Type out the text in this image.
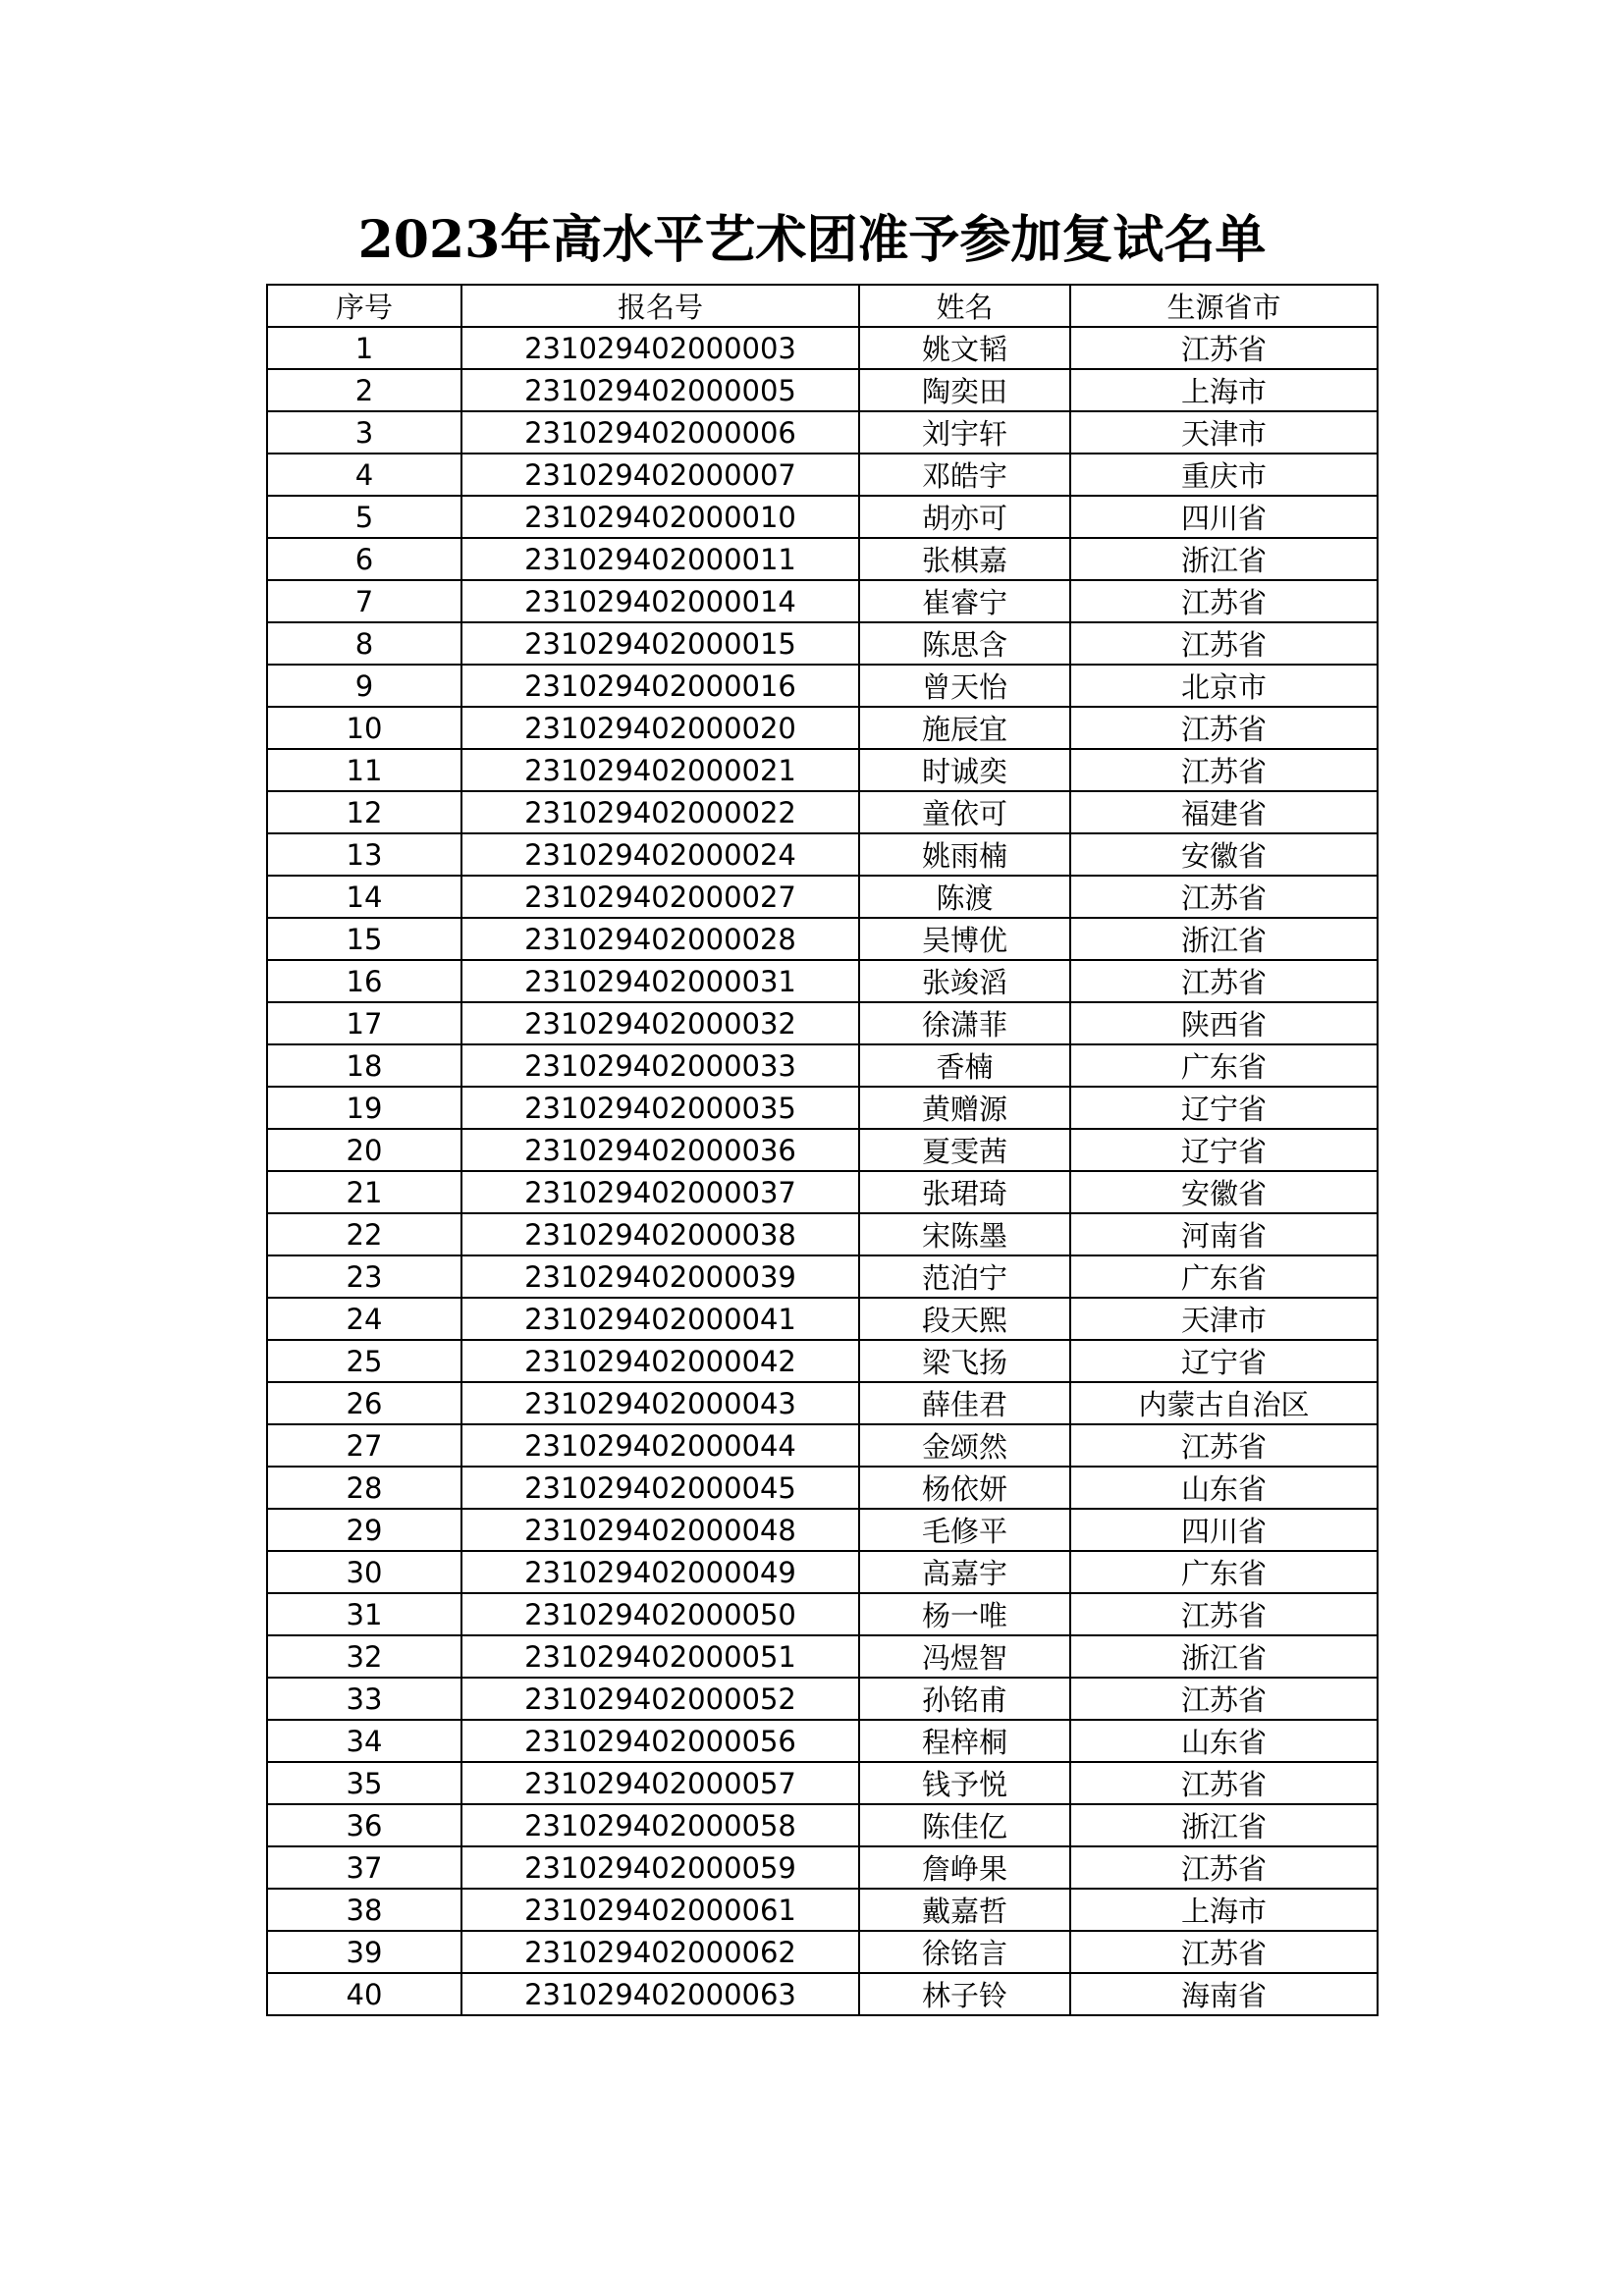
2023年高水平艺术团准予参加复试名单
序号	报名号	姓名	生源省市
1	231029402000003	姚文韬	江苏省
2	231029402000005	陶奕田	上海市
3	231029402000006	刘宇轩	天津市
4	231029402000007	邓皓宇	重庆市
5	231029402000010	胡亦可	四川省
6	231029402000011	张棋嘉	浙江省
7	231029402000014	崔睿宁	江苏省
8	231029402000015	陈思含	江苏省
9	231029402000016	曾天怡	北京市
10	231029402000020	施辰宜	江苏省
11	231029402000021	时诚奕	江苏省
12	231029402000022	童依可	福建省
13	231029402000024	姚雨楠	安徽省
14	231029402000027	陈渡	江苏省
15	231029402000028	吴博优	浙江省
16	231029402000031	张竣滔	江苏省
17	231029402000032	徐潇菲	陕西省
18	231029402000033	香楠	广东省
19	231029402000035	黄赠源	辽宁省
20	231029402000036	夏雯茜	辽宁省
21	231029402000037	张珺琦	安徽省
22	231029402000038	宋陈墨	河南省
23	231029402000039	范泊宁	广东省
24	231029402000041	段天熙	天津市
25	231029402000042	梁飞扬	辽宁省
26	231029402000043	薛佳君	内蒙古自治区
27	231029402000044	金颂然	江苏省
28	231029402000045	杨依妍	山东省
29	231029402000048	毛修平	四川省
30	231029402000049	高嘉宇	广东省
31	231029402000050	杨一唯	江苏省
32	231029402000051	冯煜智	浙江省
33	231029402000052	孙铭甫	江苏省
34	231029402000056	程梓桐	山东省
35	231029402000057	钱予悦	江苏省
36	231029402000058	陈佳亿	浙江省
37	231029402000059	詹峥果	江苏省
38	231029402000061	戴嘉哲	上海市
39	231029402000062	徐铭言	江苏省
40	231029402000063	林子铃	海南省
